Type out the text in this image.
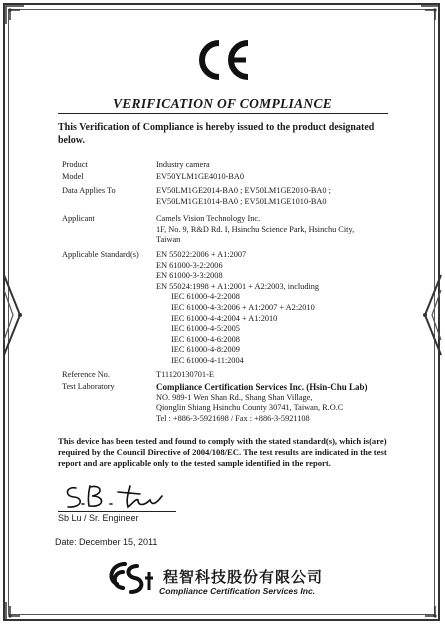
VERIFICATION OF COMPLIANCE
This Verification of Compliance is hereby issued to the product designated below.
Product	Industry camera
Model	EV50YLM1GE4010-BA0
Data Applies To	EV50LM1GE2014-BA0 ; EV50LM1GE2010-BA0 ;
EV50LM1GE1014-BA0 ; EV50LM1GE1010-BA0
Applicant	Camels Vision Technology Inc.
1F, No. 9, R&D Rd. I, Hsinchu Science Park, Hsinchu City,
Taiwan
Applicable Standard(s)	EN 55022:2006 + A1:2007
EN 61000-3-2:2006
EN 61000-3-3:2008
EN 55024:1998 + A1:2001 + A2:2003, including
IEC 61000-4-2:2008
IEC 61000-4-3:2006 + A1:2007 + A2:2010
IEC 61000-4-4:2004 + A1:2010
IEC 61000-4-5:2005
IEC 61000-4-6:2008
IEC 61000-4-8:2009
IEC 61000-4-11:2004
Reference No.	T11120130701-E
Test Laboratory	Compliance Certification Services Inc. (Hsin-Chu Lab)
NO. 989-1 Wen Shan Rd., Shang Shan Village,
Qionglin Shiang Hsinchu County 30741, Taiwan, R.O.C
Tel : +886-3-5921698 / Fax : +886-3-5921108
This device has been tested and found to comply with the stated standard(s), which is(are) required by the Council Directive of 2004/108/EC. The test results are indicated in the test report and are applicable only to the tested sample identified in the report.
Sb Lu / Sr. Engineer
Date: December 15, 2011
程智科技股份有限公司
Compliance Certification Services Inc.
